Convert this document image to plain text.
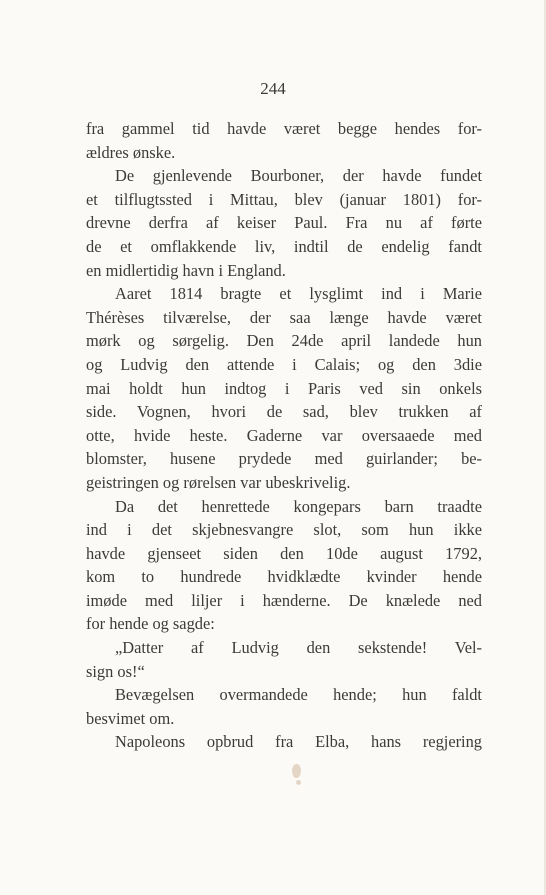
244
fra gammel tid havde været begge hendes for-
ældres ønske.
De gjenlevende Bourboner, der havde fundet
et tilflugtssted i Mittau, blev (januar 1801) for-
drevne derfra af keiser Paul. Fra nu af førte
de et omflakkende liv, indtil de endelig fandt
en midlertidig havn i England.
Aaret 1814 bragte et lysglimt ind i Marie
Thérèses tilværelse, der saa længe havde været
mørk og sørgelig. Den 24de april landede hun
og Ludvig den attende i Calais; og den 3die
mai holdt hun indtog i Paris ved sin onkels
side. Vognen, hvori de sad, blev trukken af
otte, hvide heste. Gaderne var oversaaede med
blomster, husene prydede med guirlander; be-
geistringen og rørelsen var ubeskrivelig.
Da det henrettede kongepars barn traadte
ind i det skjebnesvangre slot, som hun ikke
havde gjenseet siden den 10de august 1792,
kom to hundrede hvidklædte kvinder hende
imøde med liljer i hænderne. De knælede ned
for hende og sagde:
„Datter af Ludvig den sekstende! Vel-
sign os!“
Bevægelsen overmandede hende; hun faldt
besvimet om.
Napoleons opbrud fra Elba, hans regjering
